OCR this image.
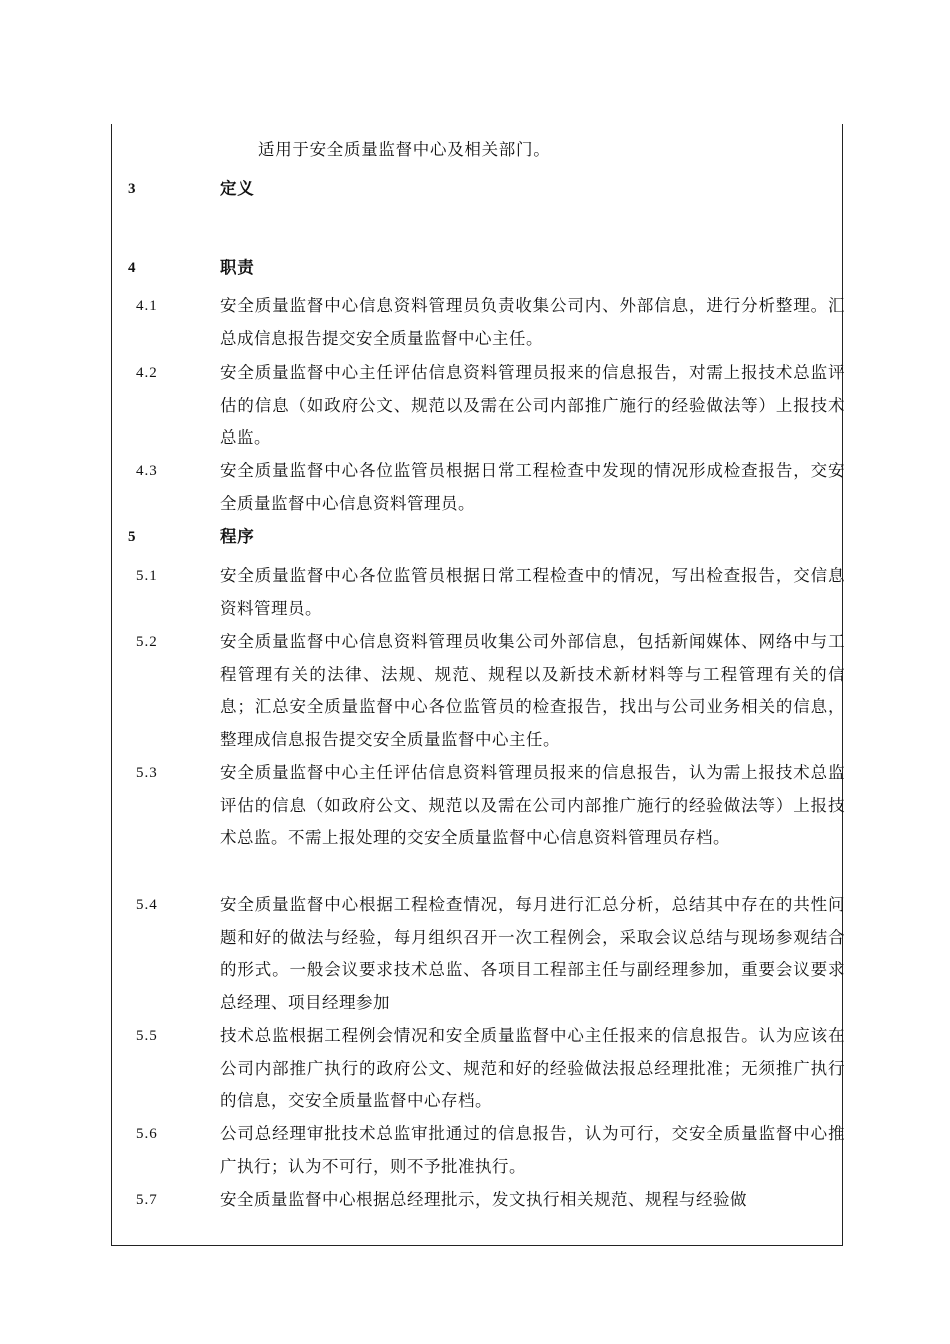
适用于安全质量监督中心及相关部门。
3	定义
4	职责
4.1	安全质量监督中心信息资料管理员负责收集公司内、外部信息，进行分析整理。汇总成信息报告提交安全质量监督中心主任。
4.2	安全质量监督中心主任评估信息资料管理员报来的信息报告，对需上报技术总监评估的信息（如政府公文、规范以及需在公司内部推广施行的经验做法等）上报技术总监。
4.3	安全质量监督中心各位监管员根据日常工程检查中发现的情况形成检查报告，交安全质量监督中心信息资料管理员。
5	程序
5.1	安全质量监督中心各位监管员根据日常工程检查中的情况，写出检查报告，交信息资料管理员。
5.2	安全质量监督中心信息资料管理员收集公司外部信息，包括新闻媒体、网络中与工程管理有关的法律、法规、规范、规程以及新技术新材料等与工程管理有关的信息；汇总安全质量监督中心各位监管员的检查报告，找出与公司业务相关的信息，整理成信息报告提交安全质量监督中心主任。
5.3	安全质量监督中心主任评估信息资料管理员报来的信息报告，认为需上报技术总监评估的信息（如政府公文、规范以及需在公司内部推广施行的经验做法等）上报技术总监。不需上报处理的交安全质量监督中心信息资料管理员存档。
5.4	安全质量监督中心根据工程检查情况，每月进行汇总分析，总结其中存在的共性问题和好的做法与经验，每月组织召开一次工程例会，采取会议总结与现场参观结合的形式。一般会议要求技术总监、各项目工程部主任与副经理参加，重要会议要求总经理、项目经理参加
5.5	技术总监根据工程例会情况和安全质量监督中心主任报来的信息报告。认为应该在公司内部推广执行的政府公文、规范和好的经验做法报总经理批准；无须推广执行的信息，交安全质量监督中心存档。
5.6	公司总经理审批技术总监审批通过的信息报告，认为可行，交安全质量监督中心推广执行；认为不可行，则不予批准执行。
5.7	安全质量监督中心根据总经理批示，发文执行相关规范、规程与经验做
